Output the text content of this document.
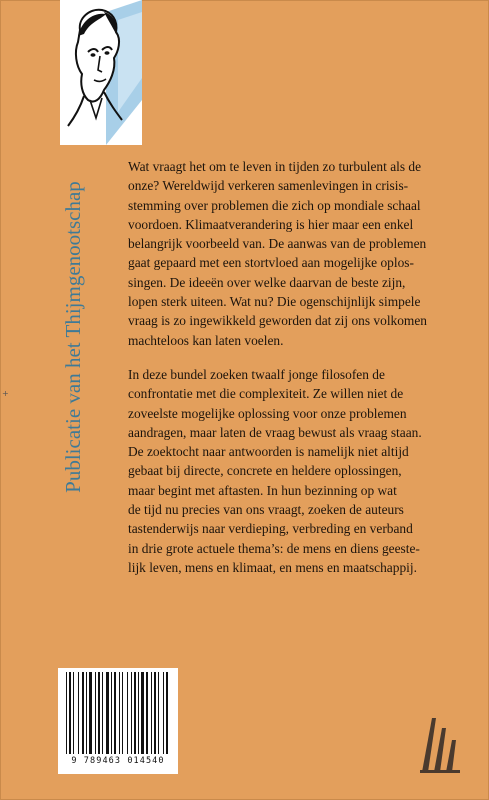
Publicatie van het Thijmgenootschap
+

Wat vraagt het om te leven in tijden zo turbulent als de
onze? Wereldwijd verkeren samenlevingen in crisis-
stemming over problemen die zich op mondiale schaal
voordoen. Klimaatverandering is hier maar een enkel
belangrijk voorbeeld van. De aanwas van de problemen
gaat gepaard met een stortvloed aan mogelijke oplos-
singen. De ideeën over welke daarvan de beste zijn,
lopen sterk uiteen. Wat nu? Die ogenschijnlijk simpele
vraag is zo ingewikkeld geworden dat zij ons volkomen
machteloos kan laten voelen.

In deze bundel zoeken twaalf jonge filosofen de
confrontatie met die complexiteit. Ze willen niet de
zoveelste mogelijke oplossing voor onze problemen
aandragen, maar laten de vraag bewust als vraag staan.
De zoektocht naar antwoorden is namelijk niet altijd
gebaat bij directe, concrete en heldere oplossingen,
maar begint met aftasten. In hun bezinning op wat
de tijd nu precies van ons vraagt, zoeken de auteurs
tastenderwijs naar verdieping, verbreding en verband
in drie grote actuele thema’s: de mens en diens geeste-
lijk leven, mens en klimaat, en mens en maatschappij.

9 789463 014540
